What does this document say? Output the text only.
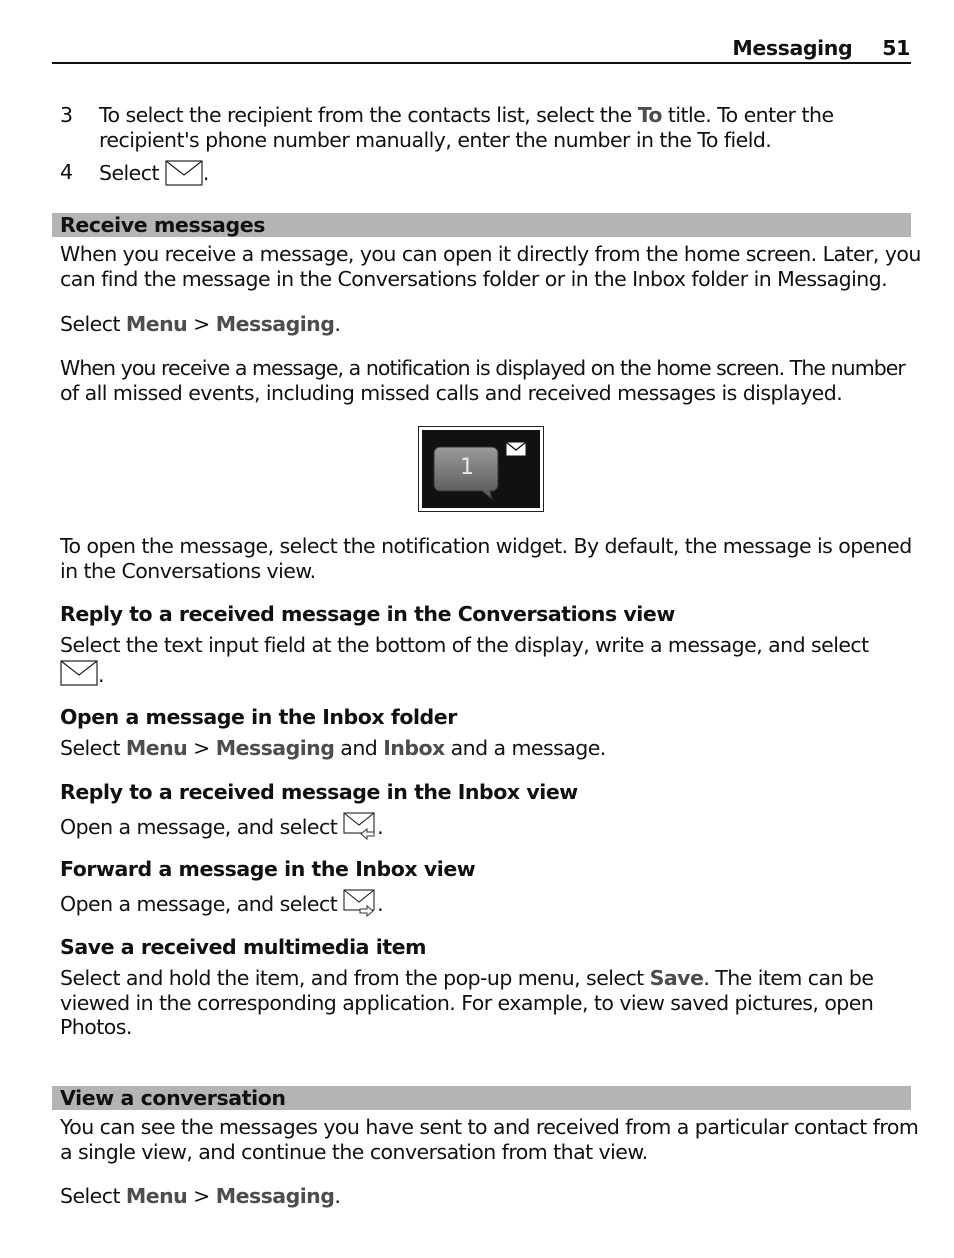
Messaging 51
3 To select the recipient from the contacts list, select the To title. To enter the
recipient's phone number manually, enter the number in the To field.
4 Select .
Receive messages
When you receive a message, you can open it directly from the home screen. Later, you
can find the message in the Conversations folder or in the Inbox folder in Messaging.
Select Menu > Messaging.
When you receive a message, a notification is displayed on the home screen. The number
of all missed events, including missed calls and received messages is displayed.
1
To open the message, select the notification widget. By default, the message is opened
in the Conversations view.
Reply to a received message in the Conversations view
Select the text input field at the bottom of the display, write a message, and select
.
Open a message in the Inbox folder
Select Menu > Messaging and Inbox and a message.
Reply to a received message in the Inbox view
Open a message, and select .
Forward a message in the Inbox view
Open a message, and select .
Save a received multimedia item
Select and hold the item, and from the pop-up menu, select Save. The item can be
viewed in the corresponding application. For example, to view saved pictures, open
Photos.
View a conversation
You can see the messages you have sent to and received from a particular contact from
a single view, and continue the conversation from that view.
Select Menu > Messaging.
